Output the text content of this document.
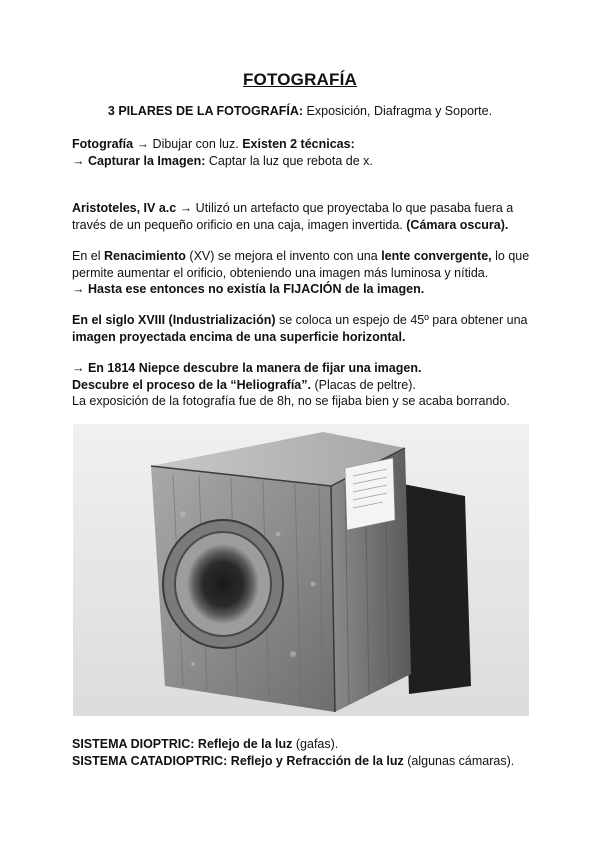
FOTOGRAFÍA
3 PILARES DE LA FOTOGRAFÍA: Exposición, Diafragma y Soporte.
Fotografía → Dibujar con luz. Existen 2 técnicas:
→ Capturar la Imagen: Captar la luz que rebota de x.
Aristoteles, IV a.c → Utilizó un artefacto que proyectaba lo que pasaba fuera a través de un pequeño orificio en una caja, imagen invertida. (Cámara oscura).
En el Renacimiento (XV) se mejora el invento con una lente convergente, lo que permite aumentar el orificio, obteniendo una imagen más luminosa y nítida.
→ Hasta ese entonces no existía la FIJACIÓN de la imagen.
En el siglo XVIII (Industrialización) se coloca un espejo de 45º para obtener una imagen proyectada encima de una superficie horizontal.
→ En 1814 Niepce descubre la manera de fijar una imagen.
Descubre el proceso de la “Heliografía”. (Placas de peltre).
La exposición de la fotografía fue de 8h, no se fijaba bien y se acaba borrando.
SISTEMA DIOPTRIC: Reflejo de la luz (gafas).
SISTEMA CATADIOPTRIC: Reflejo y Refracción de la luz (algunas cámaras).
